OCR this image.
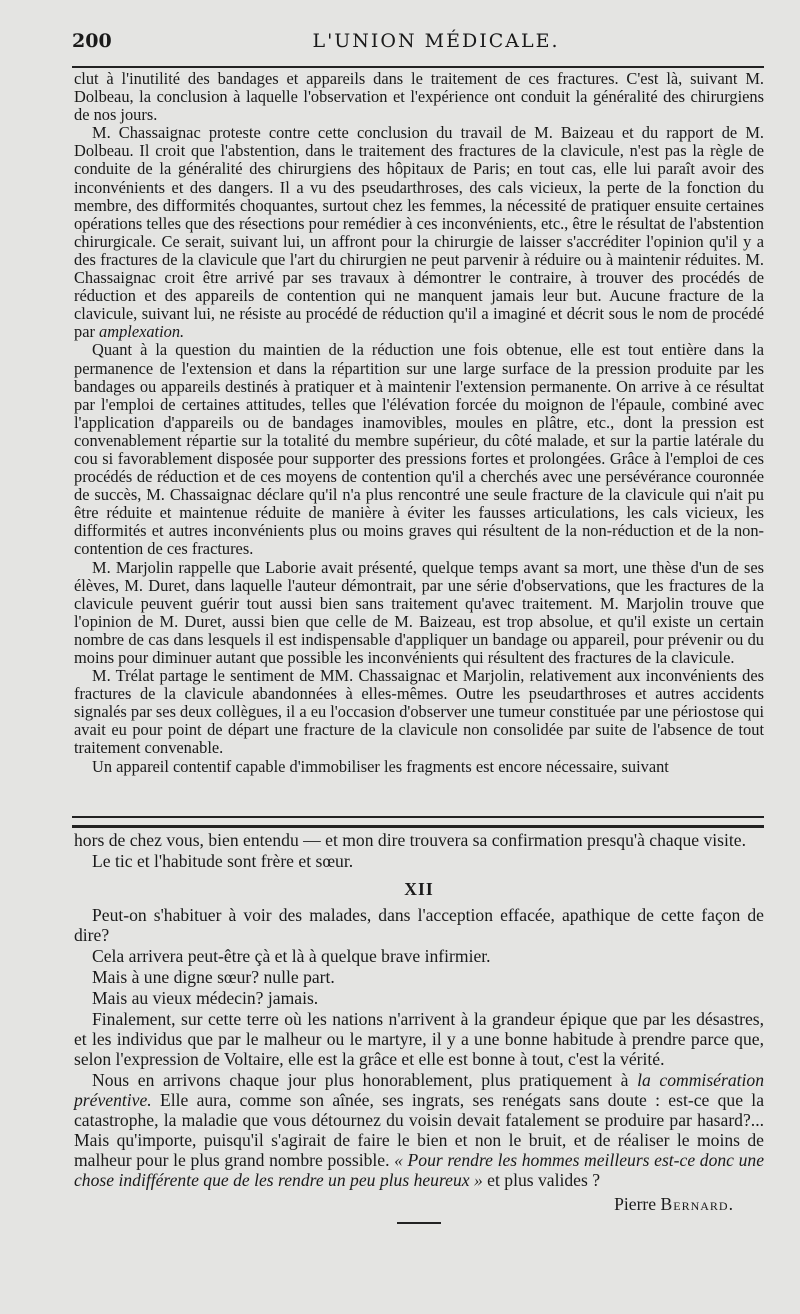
200	L'UNION MÉDICALE.

clut à l'inutilité des bandages et appareils dans le traitement de ces fractures. C'est là, suivant M. Dolbeau, la conclusion à laquelle l'observation et l'expérience ont conduit la généralité des chirurgiens de nos jours.

M. Chassaignac proteste contre cette conclusion du travail de M. Baizeau et du rapport de M. Dolbeau. Il croit que l'abstention, dans le traitement des fractures de la clavicule, n'est pas la règle de conduite de la généralité des chirurgiens des hôpitaux de Paris; en tout cas, elle lui paraît avoir des inconvénients et des dangers. Il a vu des pseudarthroses, des cals vicieux, la perte de la fonction du membre, des difformités choquantes, surtout chez les femmes, la nécessité de pratiquer ensuite certaines opérations telles que des résections pour remédier à ces inconvénients, etc., être le résultat de l'abstention chirurgicale. Ce serait, suivant lui, un affront pour la chirurgie de laisser s'accréditer l'opinion qu'il y a des fractures de la clavicule que l'art du chirurgien ne peut parvenir à réduire ou à maintenir réduites. M. Chassaignac croit être arrivé par ses travaux à démontrer le contraire, à trouver des procédés de réduction et des appareils de contention qui ne manquent jamais leur but. Aucune fracture de la clavicule, suivant lui, ne résiste au procédé de réduction qu'il a imaginé et décrit sous le nom de procédé par amplexation.

Quant à la question du maintien de la réduction une fois obtenue, elle est tout entière dans la permanence de l'extension et dans la répartition sur une large surface de la pression produite par les bandages ou appareils destinés à pratiquer et à maintenir l'extension permanente. On arrive à ce résultat par l'emploi de certaines attitudes, telles que l'élévation forcée du moignon de l'épaule, combiné avec l'application d'appareils ou de bandages inamovibles, moules en plâtre, etc., dont la pression est convenablement répartie sur la totalité du membre supérieur, du côté malade, et sur la partie latérale du cou si favorablement disposée pour supporter des pressions fortes et prolongées. Grâce à l'emploi de ces procédés de réduction et de ces moyens de contention qu'il a cherchés avec une persévérance couronnée de succès, M. Chassaignac déclare qu'il n'a plus rencontré une seule fracture de la clavicule qui n'ait pu être réduite et maintenue réduite de manière à éviter les fausses articulations, les cals vicieux, les difformités et autres inconvénients plus ou moins graves qui résultent de la non-réduction et de la non-contention de ces fractures.

M. Marjolin rappelle que Laborie avait présenté, quelque temps avant sa mort, une thèse d'un de ses élèves, M. Duret, dans laquelle l'auteur démontrait, par une série d'observations, que les fractures de la clavicule peuvent guérir tout aussi bien sans traitement qu'avec traitement. M. Marjolin trouve que l'opinion de M. Duret, aussi bien que celle de M. Baizeau, est trop absolue, et qu'il existe un certain nombre de cas dans lesquels il est indispensable d'appliquer un bandage ou appareil, pour prévenir ou du moins pour diminuer autant que possible les inconvénients qui résultent des fractures de la clavicule.

M. Trélat partage le sentiment de MM. Chassaignac et Marjolin, relativement aux inconvénients des fractures de la clavicule abandonnées à elles-mêmes. Outre les pseudarthroses et autres accidents signalés par ses deux collègues, il a eu l'occasion d'observer une tumeur constituée par une périostose qui avait eu pour point de départ une fracture de la clavicule non consolidée par suite de l'absence de tout traitement convenable.

Un appareil contentif capable d'immobiliser les fragments est encore nécessaire, suivant

hors de chez vous, bien entendu — et mon dire trouvera sa confirmation presqu'à chaque visite.

Le tic et l'habitude sont frère et sœur.

XII

Peut-on s'habituer à voir des malades, dans l'acception effacée, apathique de cette façon de dire?

Cela arrivera peut-être çà et là à quelque brave infirmier.

Mais à une digne sœur? nulle part.

Mais au vieux médecin? jamais.

Finalement, sur cette terre où les nations n'arrivent à la grandeur épique que par les désastres, et les individus que par le malheur ou le martyre, il y a une bonne habitude à prendre parce que, selon l'expression de Voltaire, elle est la grâce et elle est bonne à tout, c'est la vérité.

Nous en arrivons chaque jour plus honorablement, plus pratiquement à la commisération préventive. Elle aura, comme son aînée, ses ingrats, ses renégats sans doute : est-ce que la catastrophe, la maladie que vous détournez du voisin devait fatalement se produire par hasard?... Mais qu'importe, puisqu'il s'agirait de faire le bien et non le bruit, et de réaliser le moins de malheur pour le plus grand nombre possible. « Pour rendre les hommes meilleurs est-ce donc une chose indifférente que de les rendre un peu plus heureux » et plus valides ?

Pierre Bernard.
